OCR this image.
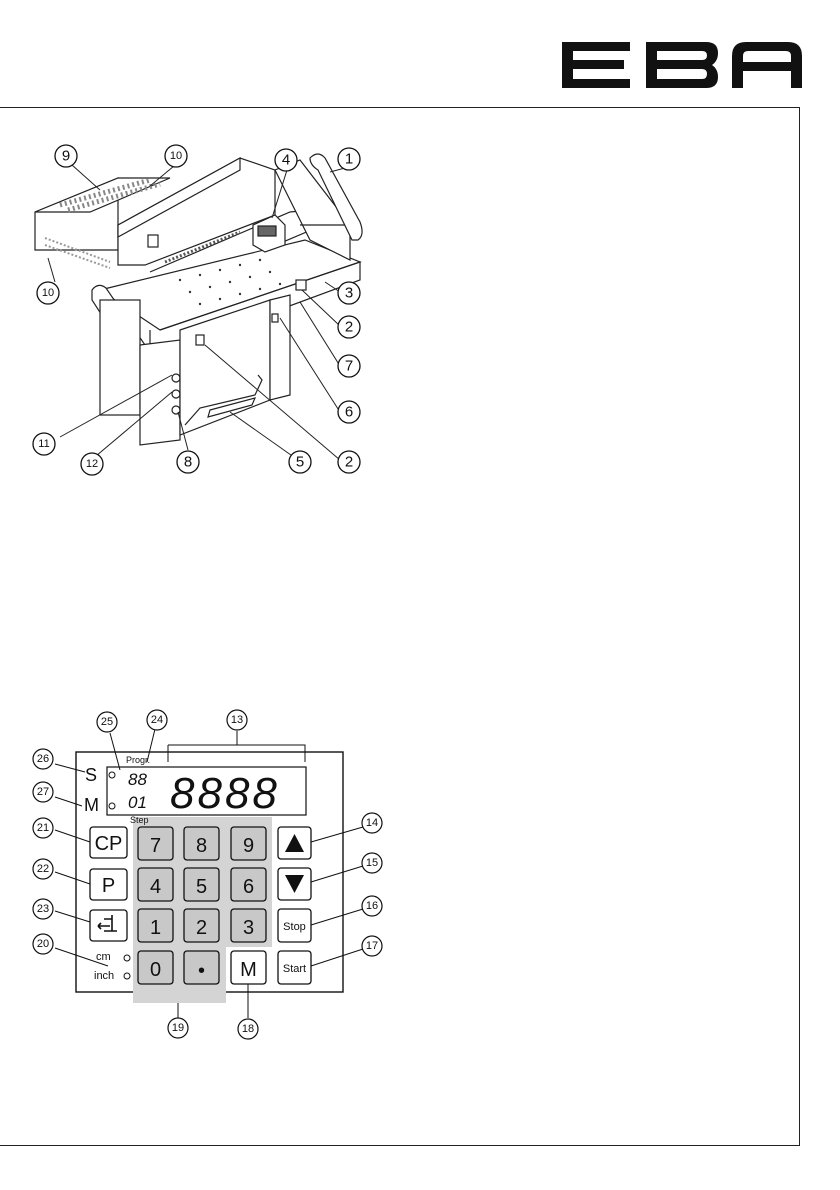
9	10
10
4	1
3
2
7
6
2
5
11
12	8
S
M
Progr.
Step
88
01 8888
CP
P
cm
inch
7 8 9
4 5 6
1 2 3
0 • M
Stop
Start
25	24	13
26
27
21
22
23
20
14
15
16
17
18
19
